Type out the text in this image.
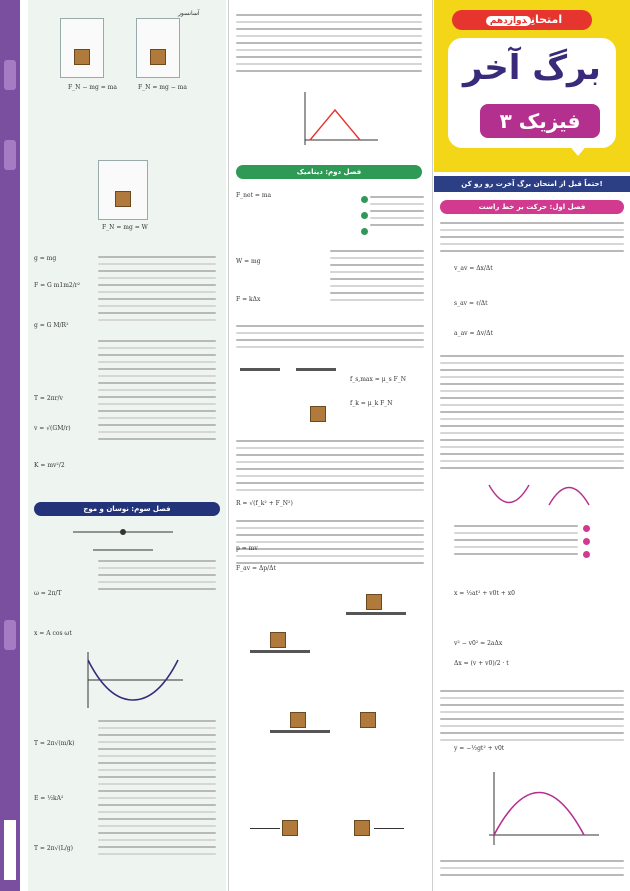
آسانسور
F_N − mg = ma	F_N = mg − ma
F_N = mg = W
g = mg
F = G m1m2/r²
g = G M/R²
T = 2πr/v
v = √(GM/r)
K = mv²/2
فصل سوم: نوسان و موج
ω = 2π/T
x = A cos ωt
T = 2π√(m/k)
E = ½kA²
T = 2π√(L/g)
فصل دوم: دینامیک
F_net = ma
W = mg
F = kΔx
f_s,max = μ_s F_N
f_k = μ_k F_N
R = √(f_k² + F_N²)
p = mv
F_av = Δp/Δt
امتحانِدوازدهم
برگ آخر
فیزیک ۳
حتماً قبل از امتحان برگ آخرت رو رو کن!
فصل اول: حرکت بر خط راست
v_av = Δx/Δt
s_av = ℓ/Δt
a_av = Δv/Δt
x = ½at² + v0t + x0
v² − v0² = 2aΔx
Δx = (v + v0)/2 · t
y = −½gt² + v0t
